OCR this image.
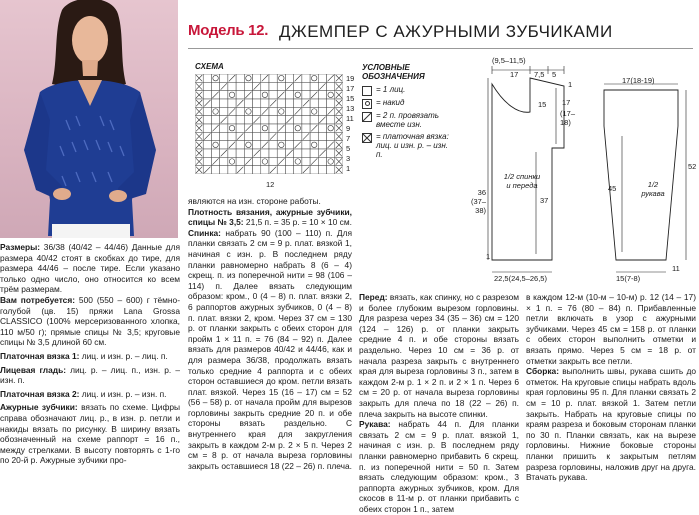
Модель 12. ДЖЕМПЕР С АЖУРНЫМИ ЗУБЧИКАМИ
СХЕМА
19
17
15
13
11
9
7
5
3
1
12
УСЛОВНЫЕ ОБОЗНАЧЕНИЯ
= 1 лиц.
= накид
= 2 п. провязать вместе изн.
= платочная вязка: лиц. и изн. р. – изн. п.
(9,5–11,5)
17 7,5 5
1
17
(17–18)
15
37
36 (37–38)
1
1/2 спинки и переда
22,5(24,5–26,5)
17(18-19)
45
52
1/2 рукава
15(7-8)
11

Размеры: 36/38 (40/42 – 44/46) Данные для размера 40/42 стоят в скобках до тире, для размера 44/46 – после тире. Если указано только одно число, оно относится ко всем трём размерам.

Вам потребуется: 500 (550 – 600) г тёмно-голубой (цв. 15) пряжи Lana Grossa CLASSICO (100% мерсеризованного хлопка, 110 м/50 г); прямые спицы № 3,5; круговые спицы № 3,5 длиной 60 см.

Платочная вязка 1: лиц. и изн. р. – лиц. п.

Лицевая гладь: лиц. р. – лиц. п., изн. р. – изн. п.

Платочная вязка 2: лиц. и изн. р. – изн. п.

Ажурные зубчики: вязать по схеме. Цифры справа обозначают лиц. р., в изн. р. петли и накиды вязать по рисунку. В ширину вязать обозначенный на схеме раппорт = 16 п., между стрелками. В высоту повторять с 1-го по 20-й р. Ажурные зубчики про-

являются на изн. стороне работы.

Плотность вязания, ажурные зубчики, спицы № 3,5: 21,5 п. = 35 р. = 10 × 10 см.

Спинка: набрать 90 (100 – 110) п. Для планки связать 2 см = 9 р. плат. вязкой 1, начиная с изн. р. В последнем ряду планки равномерно набрать 8 (6 – 4) скрещ. п. из поперечной нити = 98 (106 – 114) п. Далее вязать следующим образом: кром., 0 (4 – 8) п. плат. вязки 2, 6 раппортов ажурных зубчиков, 0 (4 – 8) п. плат. вязки 2, кром. Через 37 см = 130 р. от планки закрыть с обеих сторон для пройм 1 × 11 п. = 76 (84 – 92) п. Далее вязать для размеров 40/42 и 44/46, как и для размера 36/38, продолжать вязать только средние 4 раппорта и с обеих сторон оставшиеся до кром. петли вязать плат. вязкой. Через 15 (16 – 17) см = 52 (56 – 58) р. от начала пройм для вырезов горловины закрыть средние 20 п. и обе стороны вязать раздельно. С внутреннего края для закругления закрыть в каждом 2-м р. 2 × 5 п. Через 2 см = 8 р. от начала выреза горловины закрыть оставшиеся 18 (22 – 26) п. плеча.

Перед: вязать, как спинку, но с разрезом и более глубоким вырезом горловины. Для разреза через 34 (35 – 36) см = 120 (124 – 126) р. от планки закрыть средние 4 п. и обе стороны вязать раздельно. Через 10 см = 36 р. от начала разреза закрыть с внутреннего края для выреза горловины 3 п., затем в каждом 2-м р. 1 × 2 п. и 2 × 1 п. Через 6 см = 20 р. от начала выреза горловины закрыть для плеча по 18 (22 – 26) п. плеча закрыть на высоте спинки.

Рукава: набрать 44 п. Для планки связать 2 см = 9 р. плат. вязкой 1, начиная с изн. р. В последнем ряду планки равномерно прибавить 6 скрещ. п. из поперечной нити = 50 п. Затем вязать следующим образом: кром., 3 раппорта ажурных зубчиков, кром. Для скосов в 11-м р. от планки прибавить с обеих сторон 1 п., затем

в каждом 12-м (10-м – 10-м) р. 12 (14 – 17) × 1 п. = 76 (80 – 84) п. Прибавленные петли включать в узор с ажурными зубчиками. Через 45 см = 158 р. от планки с обеих сторон выполнить отметки и вязать прямо. Через 5 см = 18 р. от отметки закрыть все петли.

Сборка: выполнить швы, рукава сшить до отметок. На круговые спицы набрать вдоль края горловины 95 п. Для планки связать 2 см = 10 р. плат. вязкой 1. Затем петли закрыть. Набрать на круговые спицы по краям разреза и боковым сторонам планки по 30 п. Планки связать, как на вырезе горловины. Нижние боковые стороны планки пришить к закрытым петлям разреза горловины, наложив друг на друга. Втачать рукава.
